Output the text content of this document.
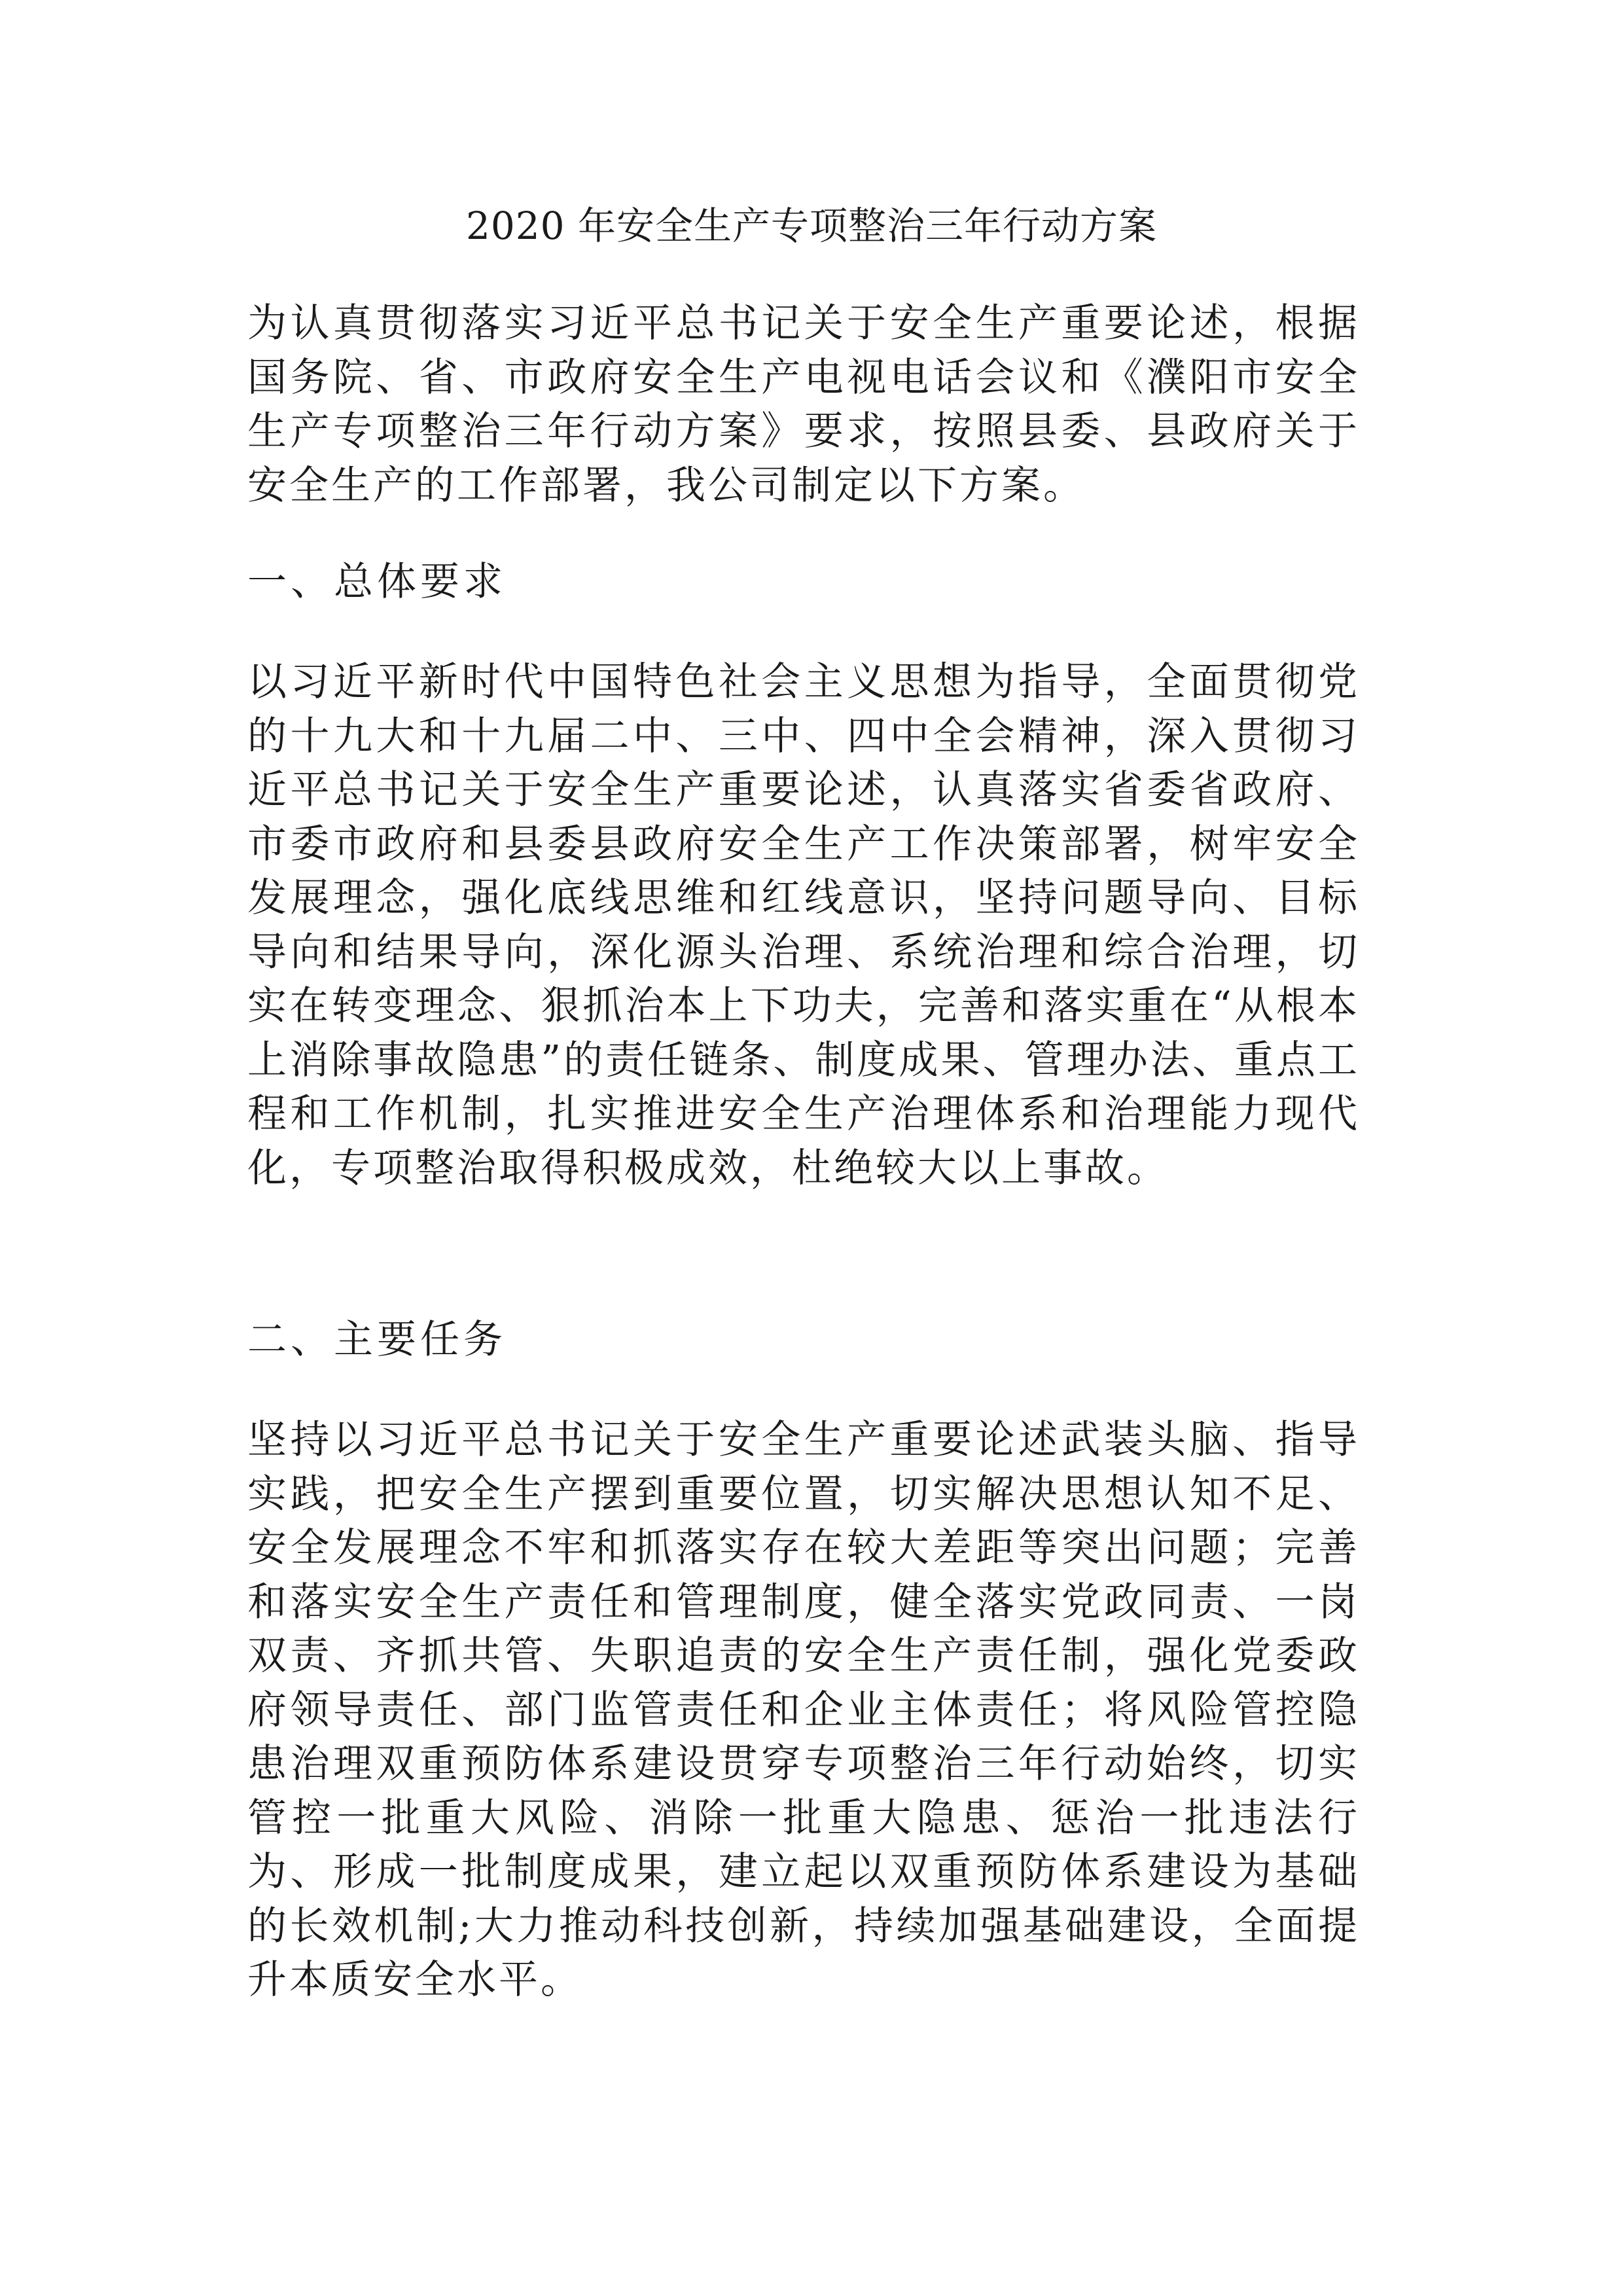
2020 年安全生产专项整治三年行动方案

为认真贯彻落实习近平总书记关于安全生产重要论述，根据国务院、省、市政府安全生产电视电话会议和《濮阳市安全生产专项整治三年行动方案》要求，按照县委、县政府关于安全生产的工作部署，我公司制定以下方案。

一、总体要求

以习近平新时代中国特色社会主义思想为指导，全面贯彻党的十九大和十九届二中、三中、四中全会精神，深入贯彻习近平总书记关于安全生产重要论述，认真落实省委省政府、市委市政府和县委县政府安全生产工作决策部署，树牢安全发展理念，强化底线思维和红线意识，坚持问题导向、目标导向和结果导向，深化源头治理、系统治理和综合治理，切实在转变理念、狠抓治本上下功夫，完善和落实重在“从根本上消除事故隐患”的责任链条、制度成果、管理办法、重点工程和工作机制，扎实推进安全生产治理体系和治理能力现代化，专项整治取得积极成效，杜绝较大以上事故。

二、主要任务

坚持以习近平总书记关于安全生产重要论述武装头脑、指导实践，把安全生产摆到重要位置，切实解决思想认知不足、安全发展理念不牢和抓落实存在较大差距等突出问题；完善和落实安全生产责任和管理制度，健全落实党政同责、一岗双责、齐抓共管、失职追责的安全生产责任制，强化党委政府领导责任、部门监管责任和企业主体责任；将风险管控隐患治理双重预防体系建设贯穿专项整治三年行动始终，切实管控一批重大风险、消除一批重大隐患、惩治一批违法行为、形成一批制度成果，建立起以双重预防体系建设为基础的长效机制;大力推动科技创新，持续加强基础建设，全面提升本质安全水平。
